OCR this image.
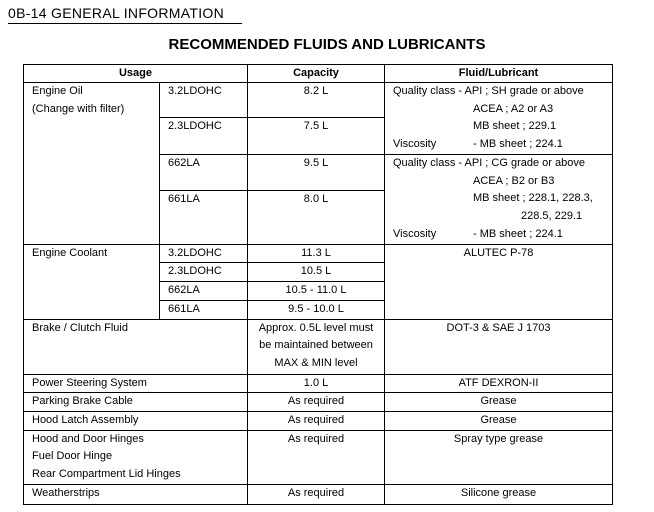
0B-14 GENERAL INFORMATION
RECOMMENDED FLUIDS AND LUBRICANTS
Usage		Capacity	Fluid/Lubricant

Engine Oil
(Change with filter)	3.2LDOHC	8.2 L	Quality class - API ; SH grade or above
ACEA ; A2 or A3
MB sheet ; 229.1
Viscosity - MB sheet ; 224.1

	2.3LDOHC	7.5 L	
	662LA	9.5 L	Quality class - API ; CG grade or above
ACEA ; B2 or B3
MB sheet ; 228.1, 228.3,
228.5, 229.1
Viscosity - MB sheet ; 224.1

	661LA	8.0 L	
Engine Coolant	3.2LDOHC	11.3 L	ALUTEC P-78
	2.3LDOHC	10.5 L	
	662LA	10.5 - 11.0 L	
	661LA	9.5 - 10.0 L	
Brake / Clutch Fluid		Approx. 0.5L level must
be maintained between
MAX & MIN level	DOT-3 & SAE J 1703
Power Steering System		1.0 L	ATF DEXRON-II
Parking Brake Cable		As required	Grease
Hood Latch Assembly		As required	Grease

Hood and Door Hinges
Fuel Door Hinge
Rear Compartment Lid Hinges		As required	Spray type grease
Weatherstrips		As required	Silicone grease
